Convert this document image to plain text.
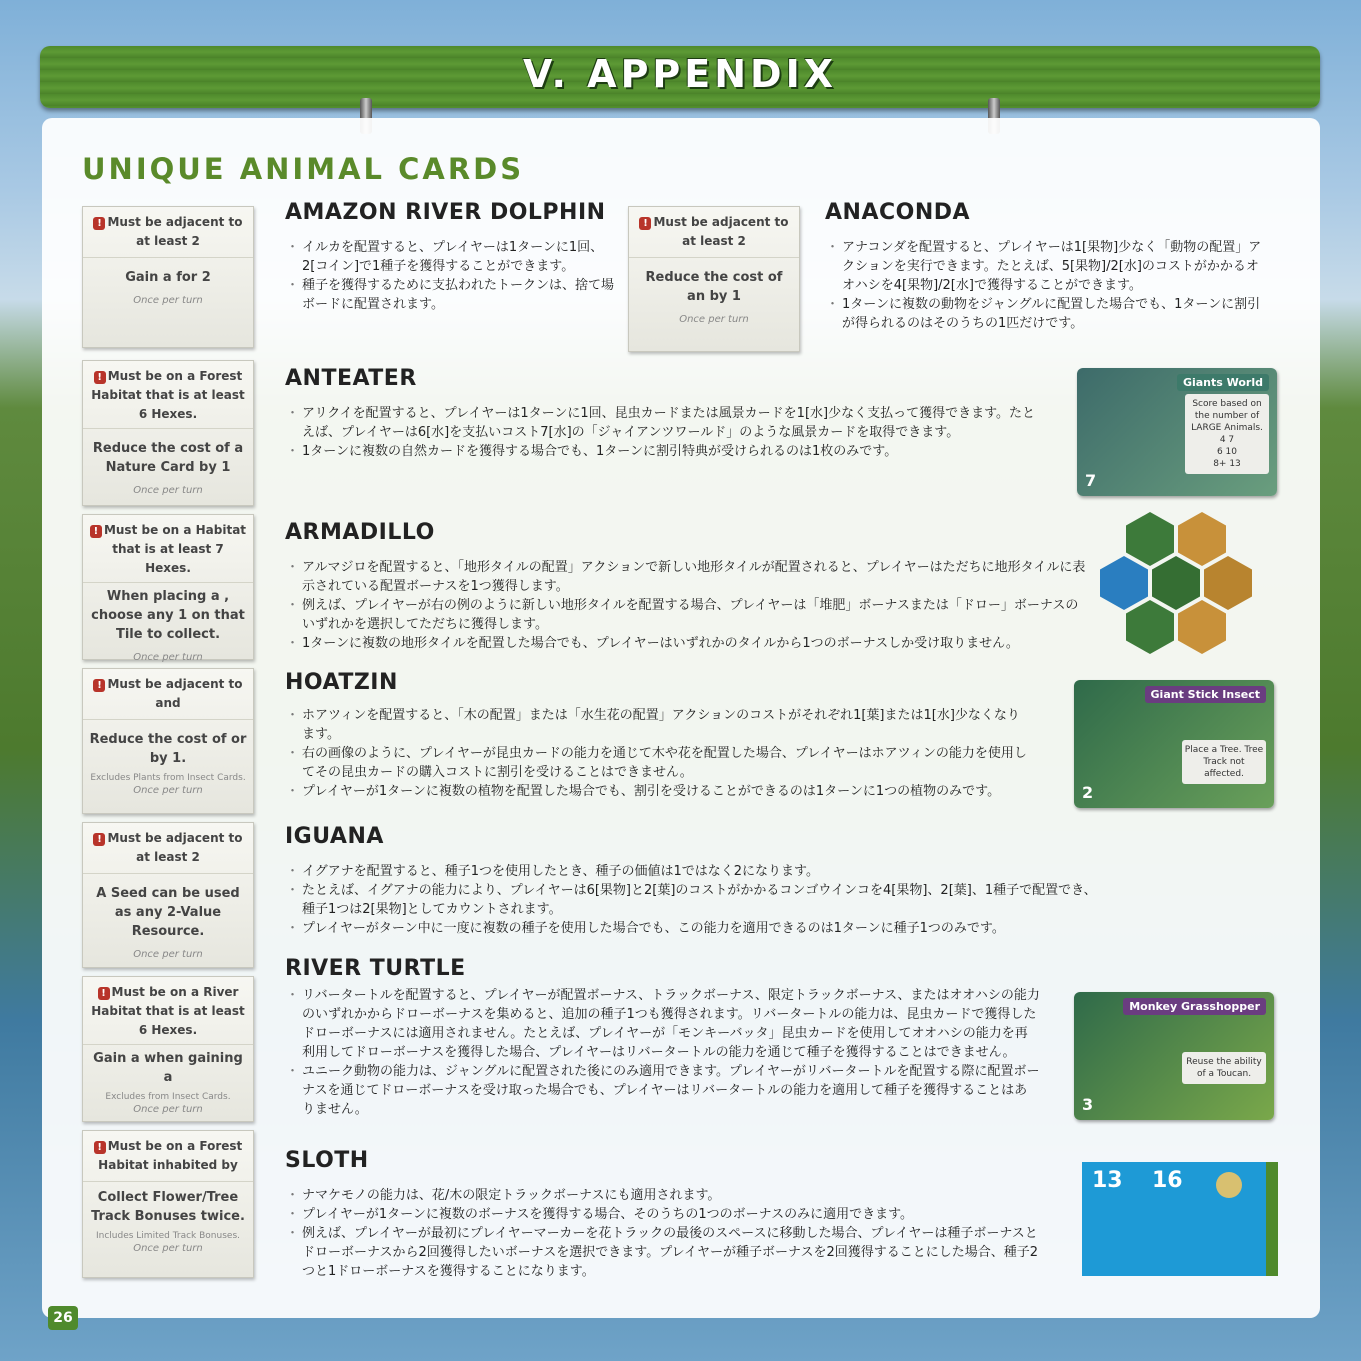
V. APPENDIX
UNIQUE ANIMAL CARDS
! Must be adjacent to at least 2
Gain a for 2
Once per turn
! Must be adjacent to at least 2
Reduce the cost of an by 1
Once per turn
! Must be on a Forest Habitat that is at least 6 Hexes.
Reduce the cost of a Nature Card by 1
Once per turn
! Must be on a Habitat that is at least 7 Hexes.
When placing a , choose any 1 on that Tile to collect.
Once per turn
! Must be adjacent to and
Reduce the cost of or by 1.
Excludes Plants from Insect Cards.
Once per turn
! Must be adjacent to at least 2
A Seed can be used as any 2-Value Resource.
Once per turn
! Must be on a River Habitat that is at least 6 Hexes.
Gain a when gaining a
Excludes from Insect Cards.
Once per turn
! Must be on a Forest Habitat inhabited by
Collect Flower/Tree Track Bonuses twice.
Includes Limited Track Bonuses.
Once per turn
AMAZON RIVER DOLPHIN
・ イルカを配置すると、プレイヤーは1ターンに1回、2[コイン]で1種子を獲得することができます。
・ 種子を獲得するために支払われたトークンは、捨て場ボードに配置されます。
ANACONDA
・ アナコンダを配置すると、プレイヤーは1[果物]少なく「動物の配置」アクションを実行できます。たとえば、5[果物]/2[水]のコストがかかるオオハシを4[果物]/2[水]で獲得することができます。
・ 1ターンに複数の動物をジャングルに配置した場合でも、1ターンに割引が得られるのはそのうちの1匹だけです。
ANTEATER
・ アリクイを配置すると、プレイヤーは1ターンに1回、昆虫カードまたは風景カードを1[水]少なく支払って獲得できます。たとえば、プレイヤーは6[水]を支払いコスト7[水]の「ジャイアンツワールド」のような風景カードを取得できます。
・ 1ターンに複数の自然カードを獲得する場合でも、1ターンに割引特典が受けられるのは1枚のみです。
ARMADILLO
・ アルマジロを配置すると、「地形タイルの配置」アクションで新しい地形タイルが配置されると、プレイヤーはただちに地形タイルに表示されている配置ボーナスを1つ獲得します。
・ 例えば、プレイヤーが右の例のように新しい地形タイルを配置する場合、プレイヤーは「堆肥」ボーナスまたは「ドロー」ボーナスのいずれかを選択してただちに獲得します。
・ 1ターンに複数の地形タイルを配置した場合でも、プレイヤーはいずれかのタイルから1つのボーナスしか受け取りません。
HOATZIN
・ ホアツィンを配置すると、「木の配置」または「水生花の配置」アクションのコストがそれぞれ1[葉]または1[水]少なくなります。
・ 右の画像のように、プレイヤーが昆虫カードの能力を通じて木や花を配置した場合、プレイヤーはホアツィンの能力を使用してその昆虫カードの購入コストに割引を受けることはできません。
・ プレイヤーが1ターンに複数の植物を配置した場合でも、割引を受けることができるのは1ターンに1つの植物のみです。
IGUANA
・ イグアナを配置すると、種子1つを使用したとき、種子の価値は1ではなく2になります。
・ たとえば、イグアナの能力により、プレイヤーは6[果物]と2[葉]のコストがかかるコンゴウインコを4[果物]、2[葉]、1種子で配置でき、種子1つは2[果物]としてカウントされます。
・ プレイヤーがターン中に一度に複数の種子を使用した場合でも、この能力を適用できるのは1ターンに種子1つのみです。
RIVER TURTLE
・ リバータートルを配置すると、プレイヤーが配置ボーナス、トラックボーナス、限定トラックボーナス、またはオオハシの能力のいずれかからドローボーナスを集めると、追加の種子1つも獲得されます。リバータートルの能力は、昆虫カードで獲得したドローボーナスには適用されません。たとえば、プレイヤーが「モンキーバッタ」昆虫カードを使用してオオハシの能力を再利用してドローボーナスを獲得した場合、プレイヤーはリバータートルの能力を通じて種子を獲得することはできません。
・ ユニーク動物の能力は、ジャングルに配置された後にのみ適用できます。プレイヤーがリバータートルを配置する際に配置ボーナスを通じてドローボーナスを受け取った場合でも、プレイヤーはリバータートルの能力を適用して種子を獲得することはありません。
SLOTH
・ ナマケモノの能力は、花/木の限定トラックボーナスにも適用されます。
・ プレイヤーが1ターンに複数のボーナスを獲得する場合、そのうちの1つのボーナスのみに適用できます。
・ 例えば、プレイヤーが最初にプレイヤーマーカーを花トラックの最後のスペースに移動した場合、プレイヤーは種子ボーナスとドローボーナスから2回獲得したいボーナスを選択できます。プレイヤーが種子ボーナスを2回獲得することにした場合、種子2つと1ドローボーナスを獲得することになります。
Giants World
Score based on the number of LARGE Animals.
4 7
6 10
8+ 13
7
Giant Stick Insect
Place a Tree. Tree Track not affected.
2
Monkey Grasshopper
Reuse the ability of a Toucan.
3
13 16
26
